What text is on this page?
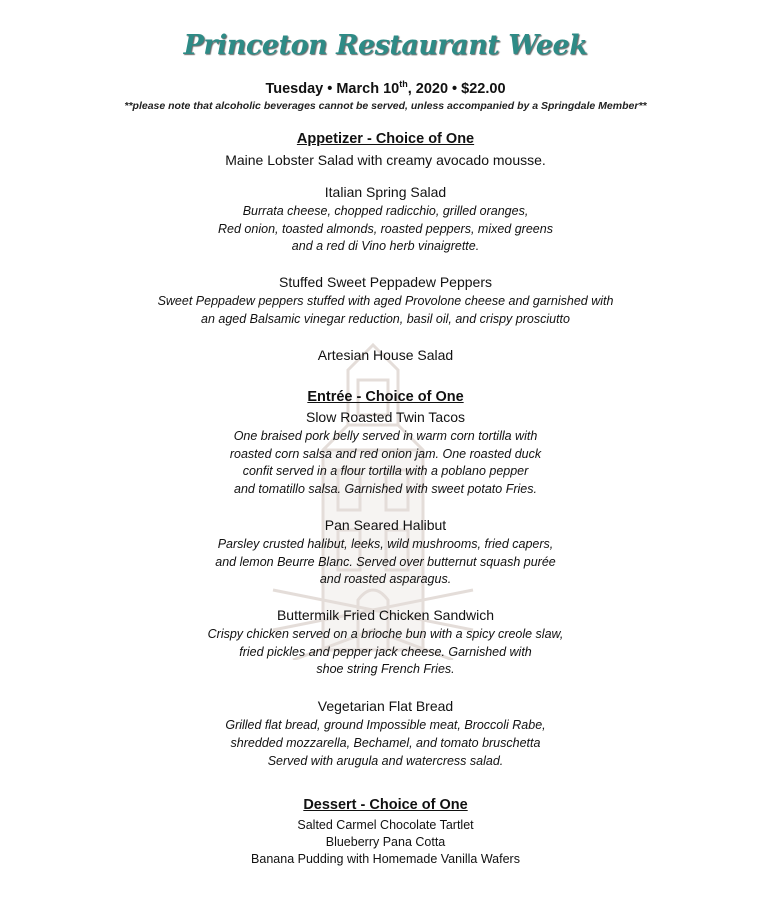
Princeton Restaurant Week
Tuesday • March 10th, 2020 • $22.00
**please note that alcoholic beverages cannot be served, unless accompanied by a Springdale Member**
Appetizer - Choice of One
Maine Lobster Salad with creamy avocado mousse.
Italian Spring Salad
Burrata cheese, chopped radicchio, grilled oranges,
Red onion, toasted almonds, roasted peppers, mixed greens
and a red di Vino herb vinaigrette.
Stuffed Sweet Peppadew Peppers
Sweet Peppadew peppers stuffed with aged Provolone cheese and garnished with
an aged Balsamic vinegar reduction, basil oil, and crispy prosciutto
Artesian House Salad
Entrée - Choice of One
Slow Roasted Twin Tacos
One braised pork belly served in warm corn tortilla with
roasted corn salsa and red onion jam. One roasted duck
confit served in a flour tortilla with a poblano pepper
and tomatillo salsa. Garnished with sweet potato Fries.
Pan Seared Halibut
Parsley crusted halibut, leeks, wild mushrooms, fried capers,
and lemon Beurre Blanc. Served over butternut squash purée
and roasted asparagus.
Buttermilk Fried Chicken Sandwich
Crispy chicken served on a brioche bun with a spicy creole slaw,
fried pickles and pepper jack cheese. Garnished with
shoe string French Fries.
Vegetarian Flat Bread
Grilled flat bread, ground Impossible meat, Broccoli Rabe,
shredded mozzarella, Bechamel, and tomato bruschetta
Served with arugula and watercress salad.
Dessert - Choice of One
Salted Carmel Chocolate Tartlet
Blueberry Pana Cotta
Banana Pudding with Homemade Vanilla Wafers
